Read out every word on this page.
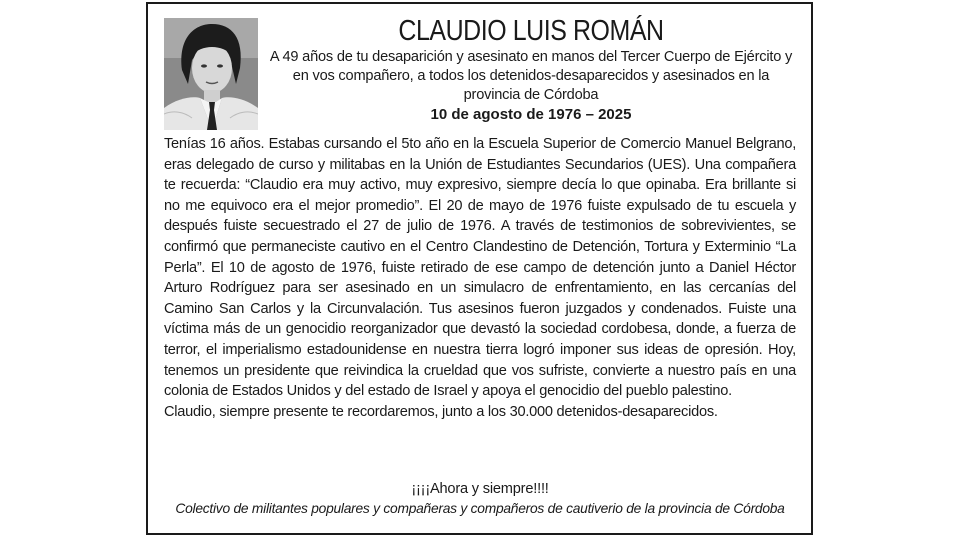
CLAUDIO LUIS ROMÁN
A 49 años de tu desaparición y asesinato en manos del Tercer Cuerpo de Ejército y en vos compañero, a todos los detenidos-desaparecidos y asesinados en la provincia de Córdoba
10 de agosto de 1976 – 2025

Tenías 16 años. Estabas cursando el 5to año en la Escuela Superior de Comercio Manuel Belgrano, eras delegado de curso y militabas en la Unión de Estudiantes Secundarios (UES). Una compañera te recuerda: “Claudio era muy activo, muy expresivo, siempre decía lo que opinaba. Era brillante si no me equivoco era el mejor promedio”. El 20 de mayo de 1976 fuiste expulsado de tu escuela y después fuiste secuestrado el 27 de julio de 1976. A través de testimonios de sobrevivientes, se confirmó que permaneciste cautivo en el Centro Clandestino de Detención, Tortura y Exterminio “La Perla”. El 10 de agosto de 1976, fuiste retirado de ese campo de detención junto a Daniel Héctor Arturo Rodríguez para ser asesinado en un simulacro de enfrentamiento, en las cercanías del Camino San Carlos y la Circunvalación. Tus asesinos fueron juzgados y condenados. Fuiste una víctima más de un genocidio reorganizador que devastó la sociedad cordobesa, donde, a fuerza de terror, el imperialismo estadounidense en nuestra tierra logró imponer sus ideas de opresión. Hoy, tenemos un presidente que reivindica la crueldad que vos sufriste, convierte a nuestro país en una colonia de Estados Unidos y del estado de Israel y apoya el genocidio del pueblo palestino.

Claudio, siempre presente te recordaremos, junto a los 30.000 detenidos-desaparecidos.

¡¡¡¡Ahora y siempre!!!!
Colectivo de militantes populares y compañeras y compañeros de cautiverio de la provincia de Córdoba
